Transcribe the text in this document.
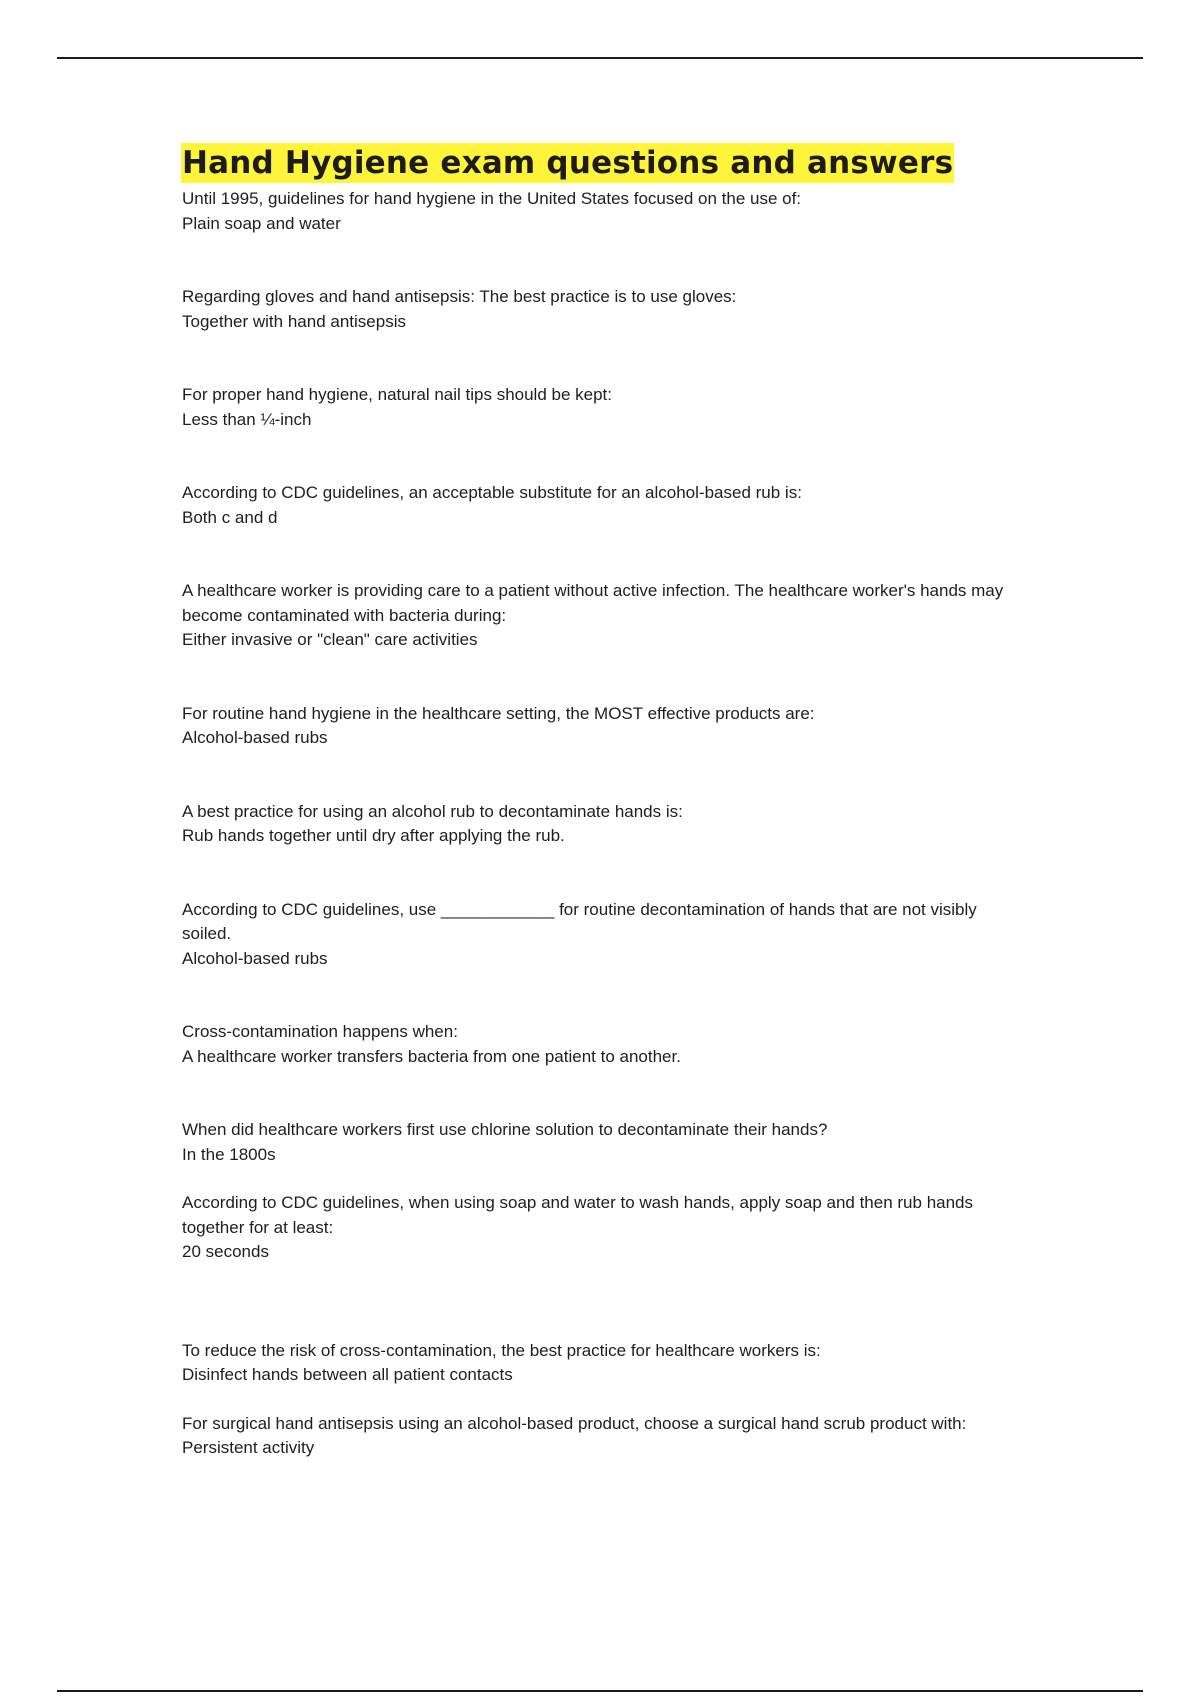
Hand Hygiene exam questions and answers
Until 1995, guidelines for hand hygiene in the United States focused on the use of:
Plain soap and water
Regarding gloves and hand antisepsis: The best practice is to use gloves:
Together with hand antisepsis
For proper hand hygiene, natural nail tips should be kept:
Less than ¼-inch
According to CDC guidelines, an acceptable substitute for an alcohol-based rub is:
Both c and d
A healthcare worker is providing care to a patient without active infection. The healthcare worker's hands may become contaminated with bacteria during:
Either invasive or "clean" care activities
For routine hand hygiene in the healthcare setting, the MOST effective products are:
Alcohol-based rubs
A best practice for using an alcohol rub to decontaminate hands is:
Rub hands together until dry after applying the rub.
According to CDC guidelines, use ____________ for routine decontamination of hands that are not visibly soiled.
Alcohol-based rubs
Cross-contamination happens when:
A healthcare worker transfers bacteria from one patient to another.
When did healthcare workers first use chlorine solution to decontaminate their hands?
In the 1800s
According to CDC guidelines, when using soap and water to wash hands, apply soap and then rub hands together for at least:
20 seconds
To reduce the risk of cross-contamination, the best practice for healthcare workers is:
Disinfect hands between all patient contacts
For surgical hand antisepsis using an alcohol-based product, choose a surgical hand scrub product with:
Persistent activity
